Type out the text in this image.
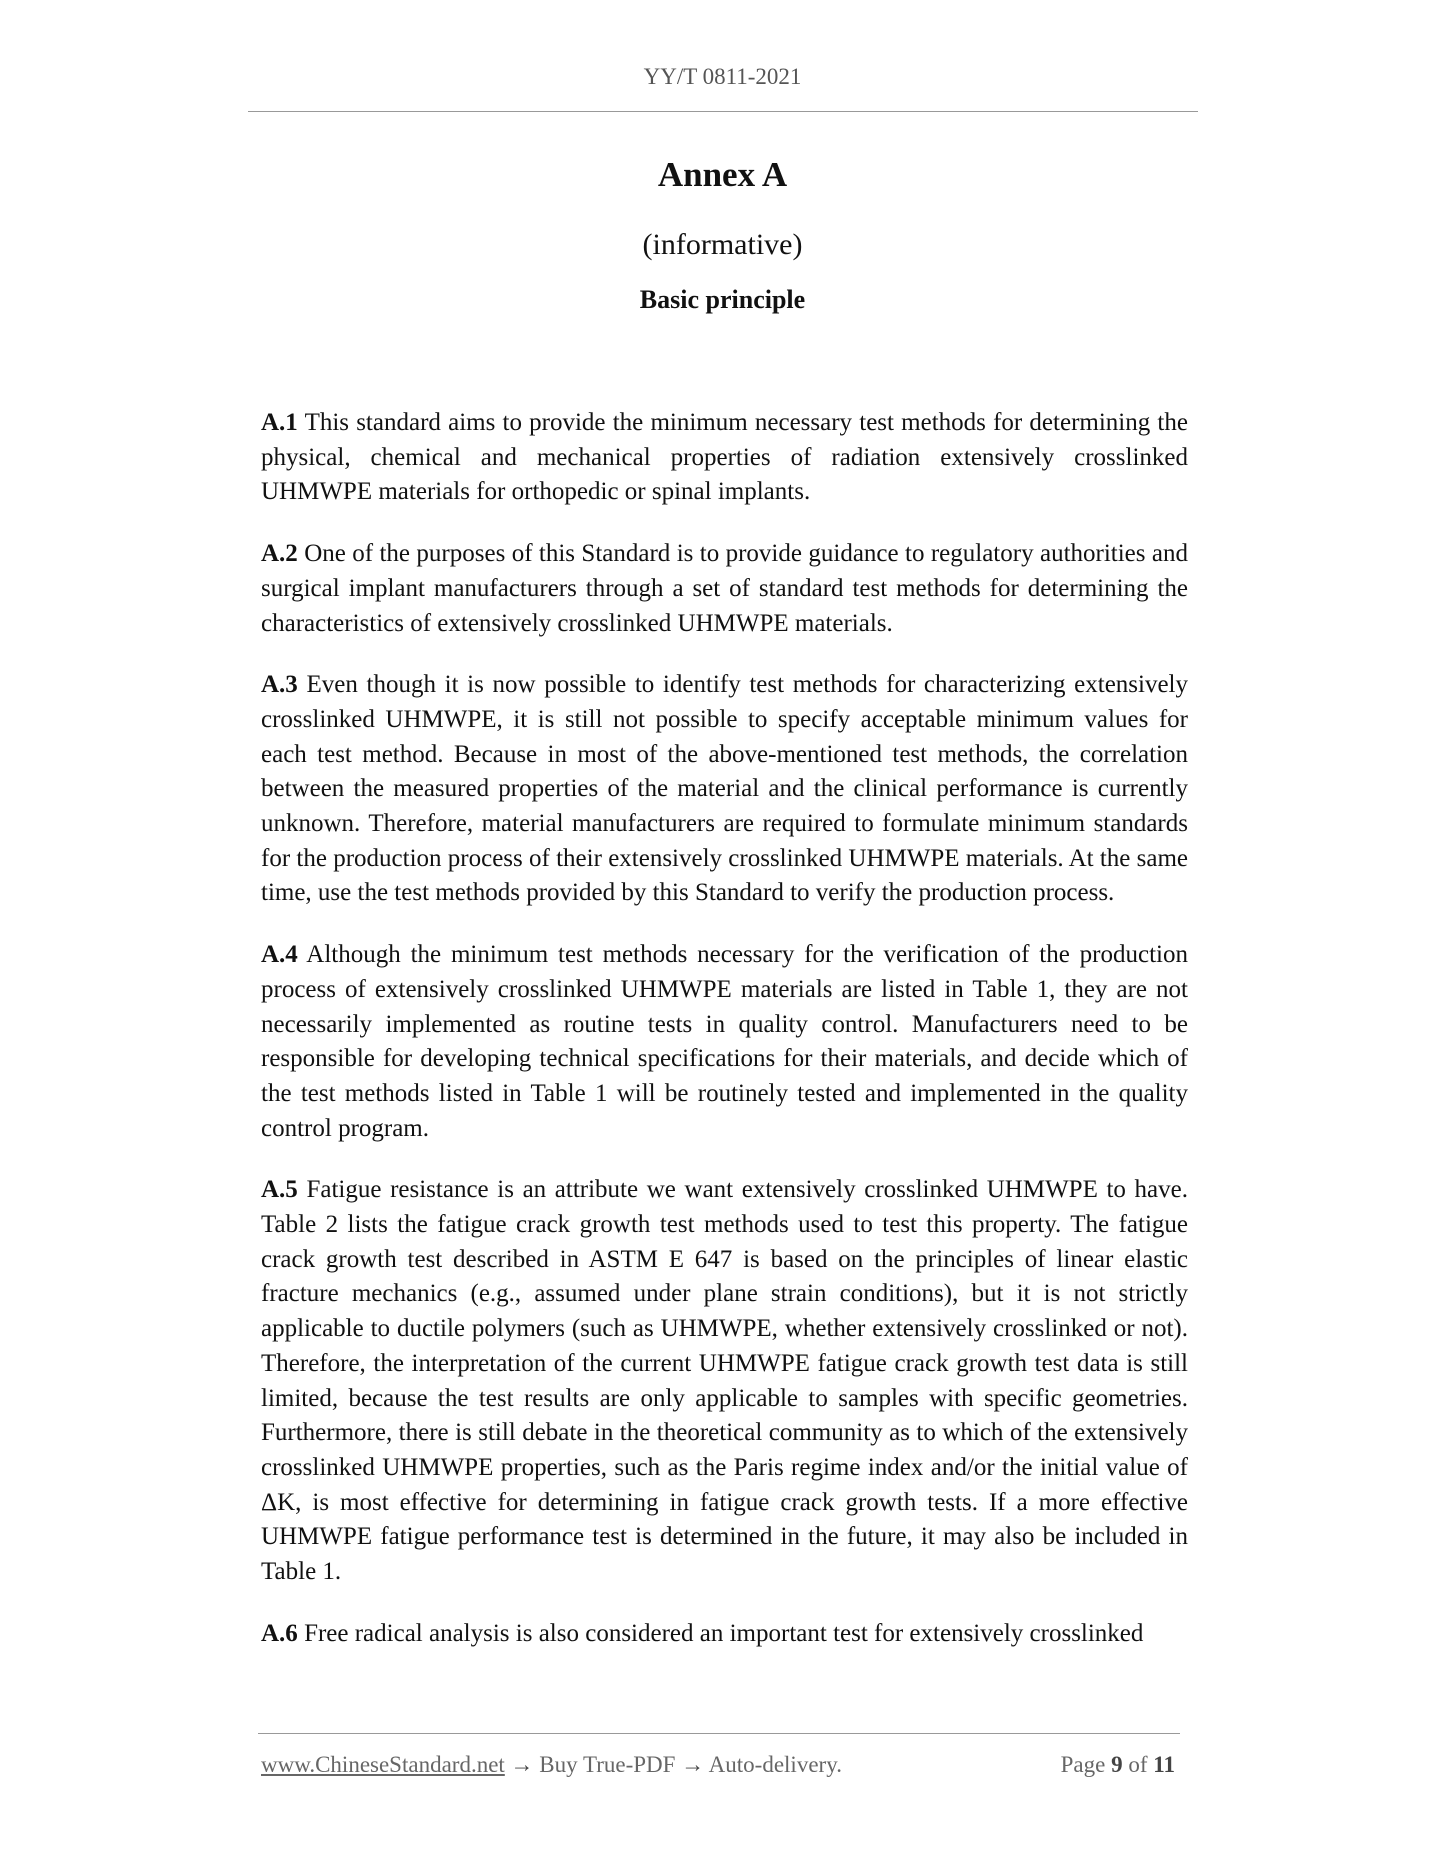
YY/T 0811-2021
Annex A
(informative)
Basic principle

A.1 This standard aims to provide the minimum necessary test methods for determining the physical, chemical and mechanical properties of radiation extensively crosslinked UHMWPE materials for orthopedic or spinal implants.

A.2 One of the purposes of this Standard is to provide guidance to regulatory authorities and surgical implant manufacturers through a set of standard test methods for determining the characteristics of extensively crosslinked UHMWPE materials.

A.3 Even though it is now possible to identify test methods for characterizing extensively crosslinked UHMWPE, it is still not possible to specify acceptable minimum values for each test method. Because in most of the above-mentioned test methods, the correlation between the measured properties of the material and the clinical performance is currently unknown. Therefore, material manufacturers are required to formulate minimum standards for the production process of their extensively crosslinked UHMWPE materials. At the same time, use the test methods provided by this Standard to verify the production process.

A.4 Although the minimum test methods necessary for the verification of the production process of extensively crosslinked UHMWPE materials are listed in Table 1, they are not necessarily implemented as routine tests in quality control. Manufacturers need to be responsible for developing technical specifications for their materials, and decide which of the test methods listed in Table 1 will be routinely tested and implemented in the quality control program.

A.5 Fatigue resistance is an attribute we want extensively crosslinked UHMWPE to have. Table 2 lists the fatigue crack growth test methods used to test this property. The fatigue crack growth test described in ASTM E 647 is based on the principles of linear elastic fracture mechanics (e.g., assumed under plane strain conditions), but it is not strictly applicable to ductile polymers (such as UHMWPE, whether extensively crosslinked or not). Therefore, the interpretation of the current UHMWPE fatigue crack growth test data is still limited, because the test results are only applicable to samples with specific geometries. Furthermore, there is still debate in the theoretical community as to which of the extensively crosslinked UHMWPE properties, such as the Paris regime index and/or the initial value of ΔK, is most effective for determining in fatigue crack growth tests. If a more effective UHMWPE fatigue performance test is determined in the future, it may also be included in Table 1.

A.6 Free radical analysis is also considered an important test for extensively crosslinked

www.ChineseStandard.net → Buy True-PDF → Auto-delivery.	Page 9 of 11
